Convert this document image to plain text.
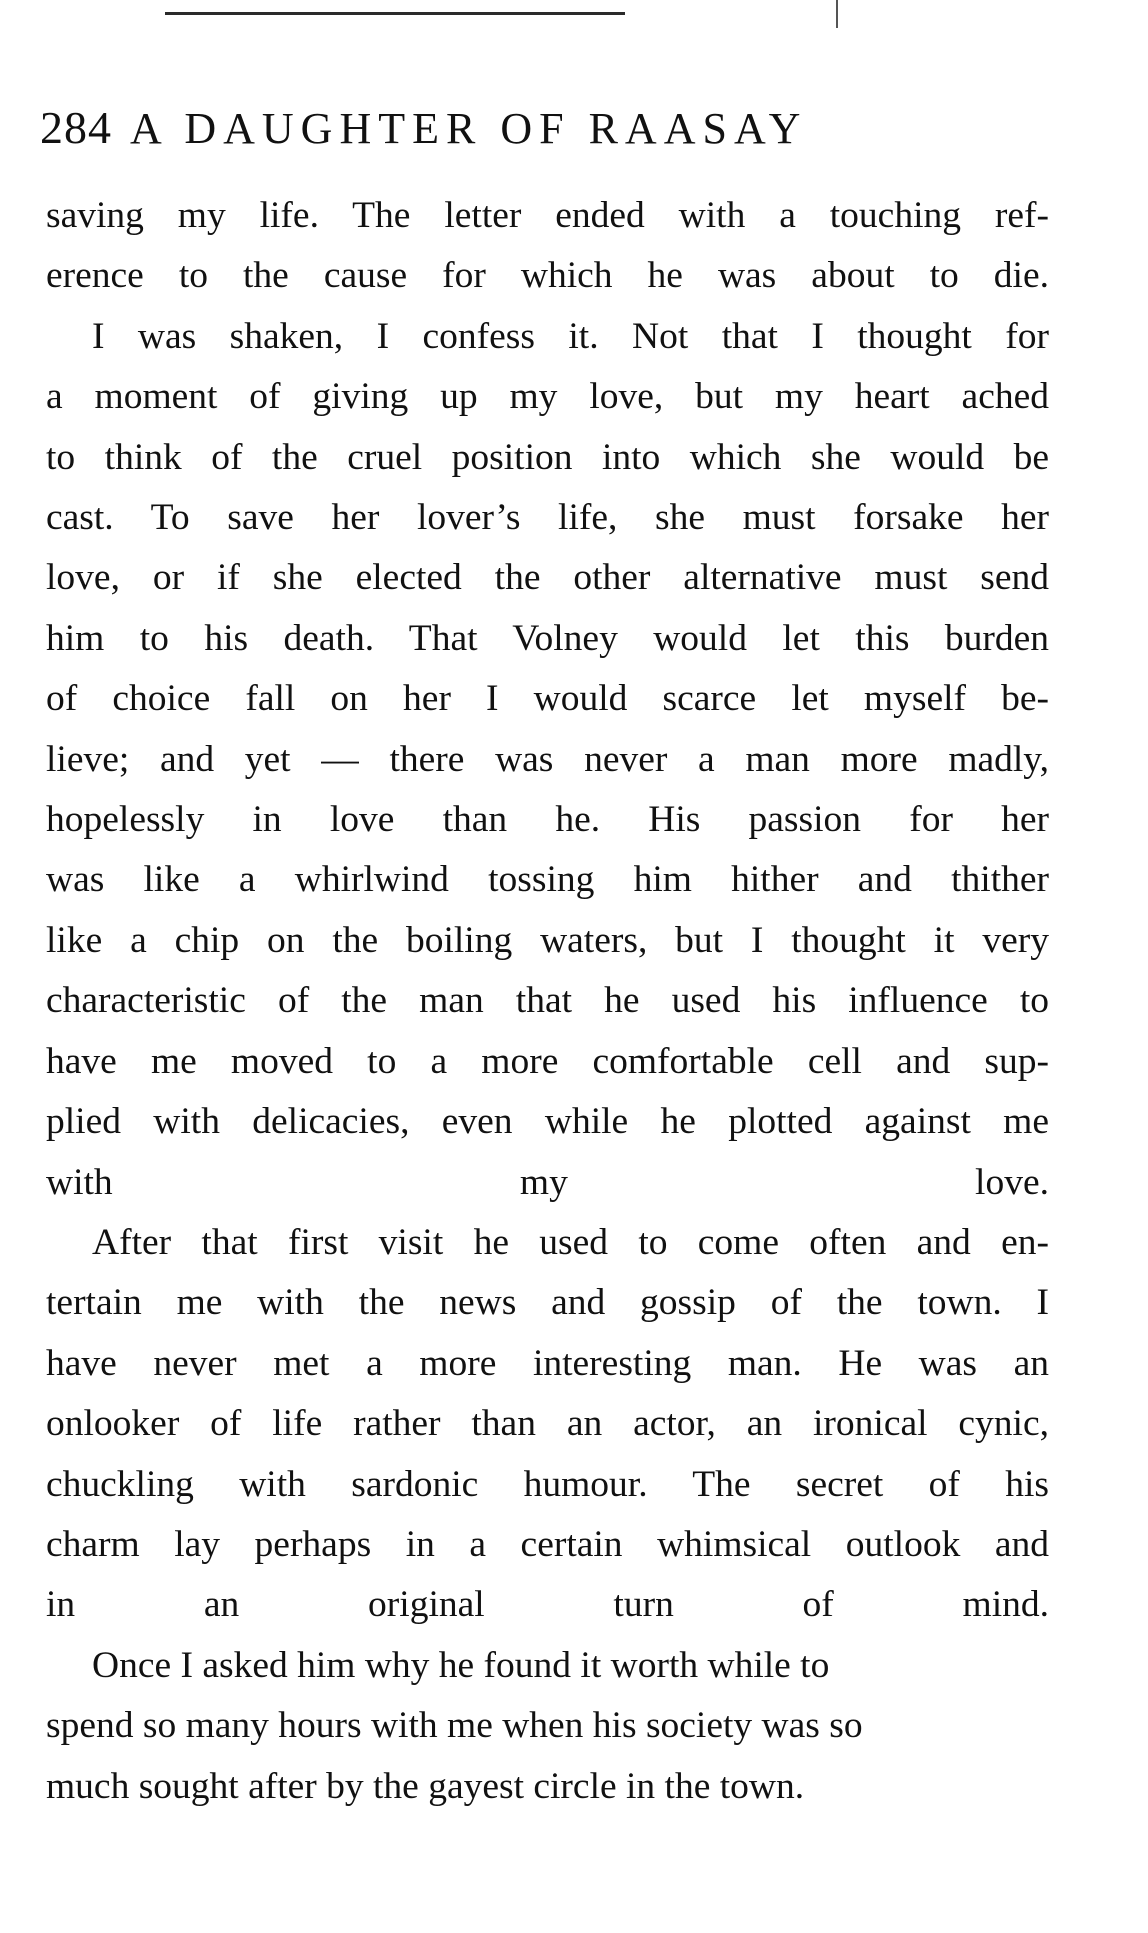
284 A DAUGHTER OF RAASAY

saving my life. The letter ended with a touching ref-
erence to the cause for which he was about to die.

I was shaken, I confess it. Not that I thought for
a moment of giving up my love, but my heart ached
to think of the cruel position into which she would be
cast. To save her lover’s life, she must forsake her
love, or if she elected the other alternative must send
him to his death. That Volney would let this burden
of choice fall on her I would scarce let myself be-
lieve; and yet — there was never a man more madly,
hopelessly in love than he. His passion for her
was like a whirlwind tossing him hither and thither
like a chip on the boiling waters, but I thought it very
characteristic of the man that he used his influence to
have me moved to a more comfortable cell and sup-
plied with delicacies, even while he plotted against me
with my love.

After that first visit he used to come often and en-
tertain me with the news and gossip of the town. I
have never met a more interesting man. He was an
onlooker of life rather than an actor, an ironical cynic,
chuckling with sardonic humour. The secret of his
charm lay perhaps in a certain whimsical outlook and
in an original turn of mind.

Once I asked him why he found it worth while to
spend so many hours with me when his society was so
much sought after by the gayest circle in the town.
